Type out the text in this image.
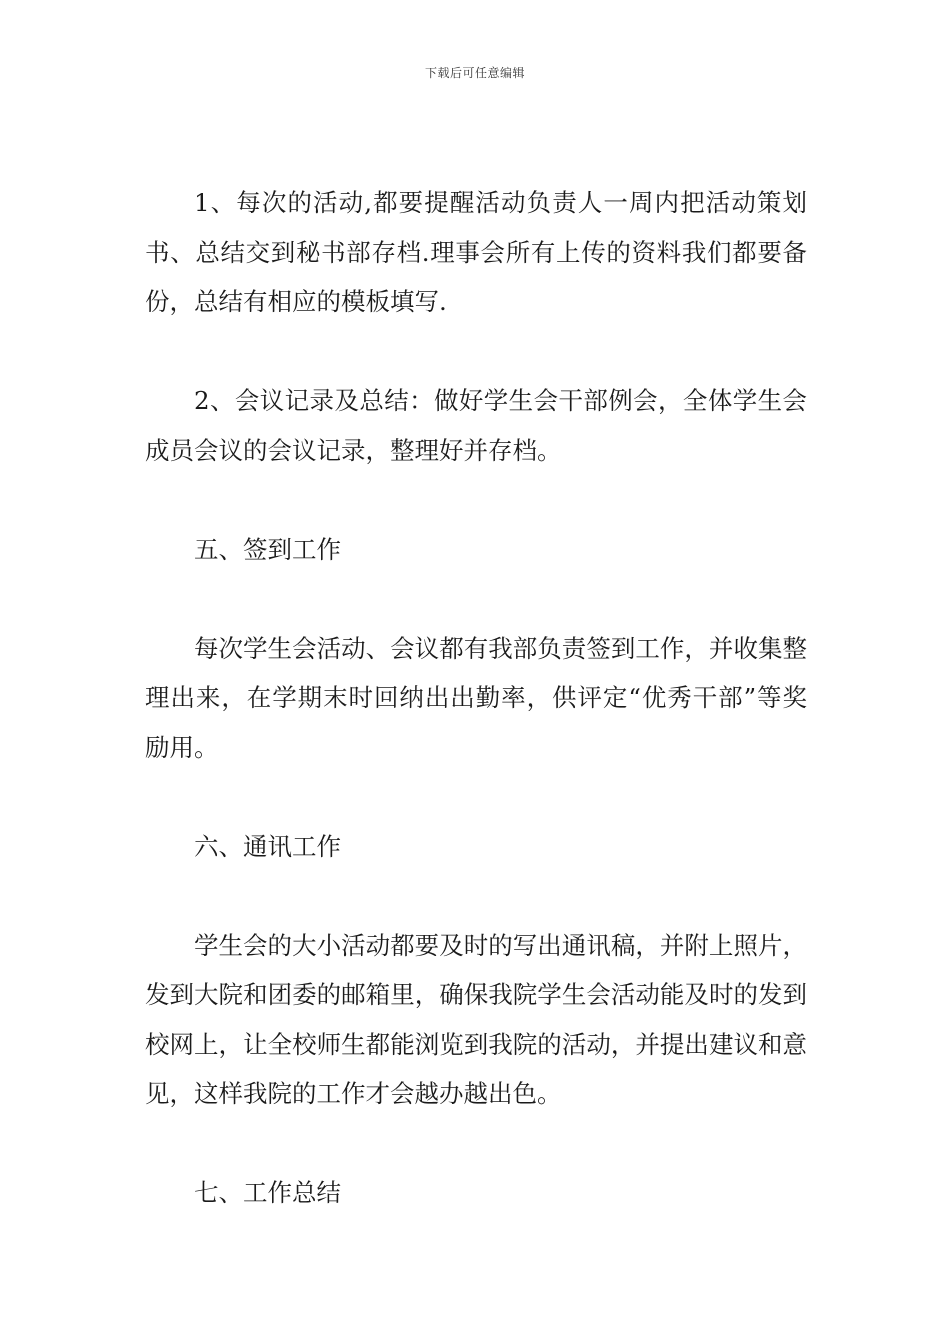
下载后可任意编辑

1、每次的活动,都要提醒活动负责人一周内把活动策划书、总结交到秘书部存档.理事会所有上传的资料我们都要备份，总结有相应的模板填写.

2、会议记录及总结：做好学生会干部例会，全体学生会成员会议的会议记录，整理好并存档。

五、签到工作

每次学生会活动、会议都有我部负责签到工作，并收集整理出来，在学期末时回纳出出勤率，供评定“优秀干部”等奖励用。

六、通讯工作

学生会的大小活动都要及时的写出通讯稿，并附上照片，发到大院和团委的邮箱里，确保我院学生会活动能及时的发到校网上，让全校师生都能浏览到我院的活动，并提出建议和意见，这样我院的工作才会越办越出色。

七、工作总结
